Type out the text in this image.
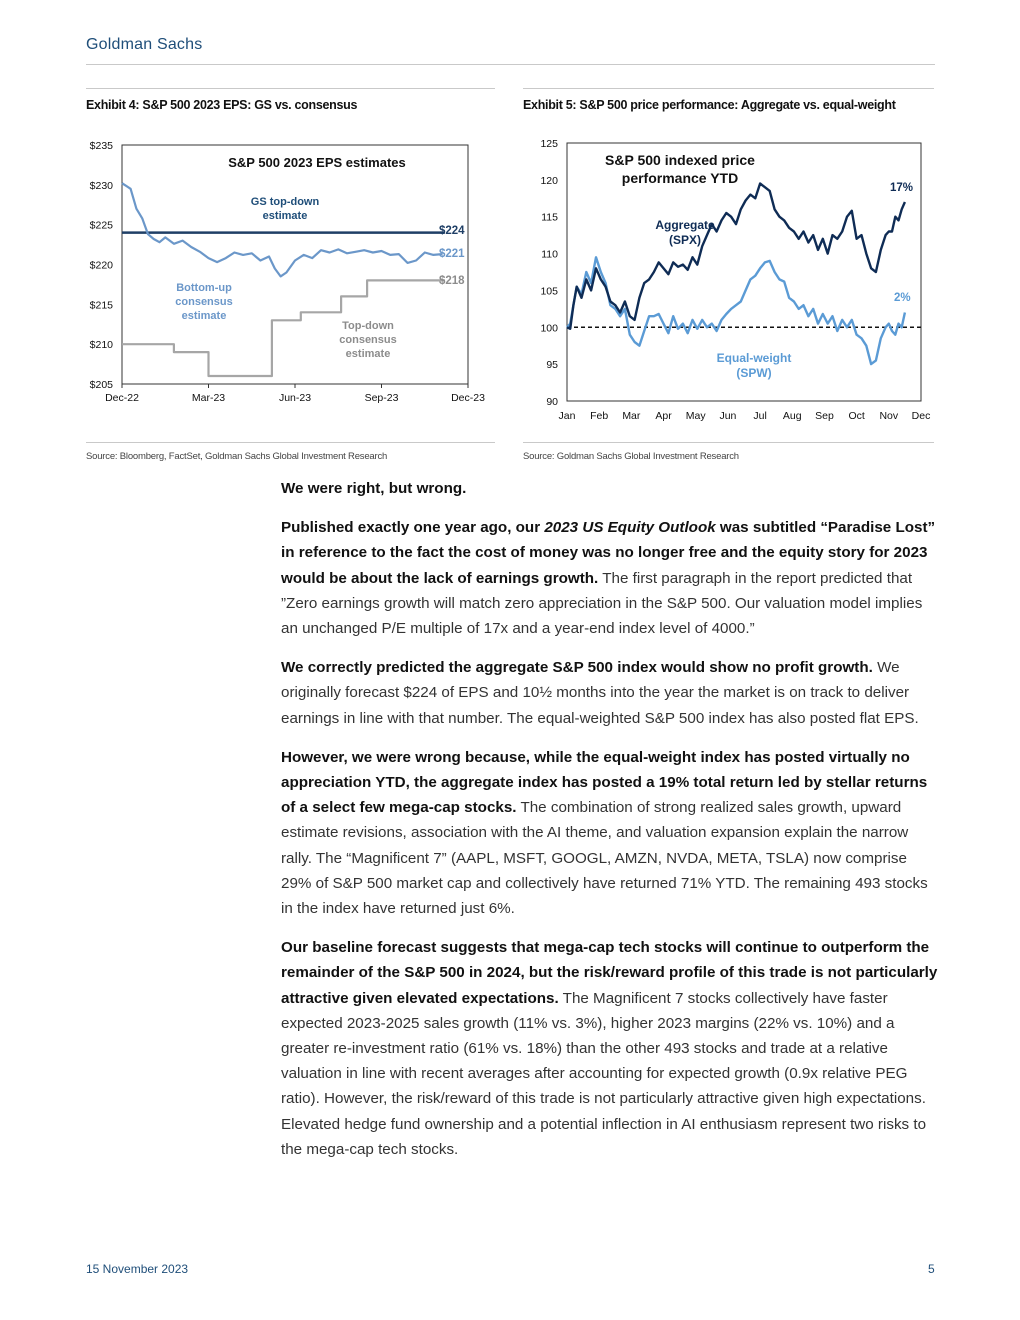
Goldman Sachs
Exhibit 4: S&P 500 2023 EPS: GS vs. consensus
$235
$230
$225
$220
$215
$210
$205
Dec-22	Mar-23	Jun-23	Sep-23	Dec-23
$224
$221
$218
S&P 500 2023 EPS estimates
GS top-down
estimate
Bottom-up
consensus
estimate
Top-down
consensus
estimate
Source: Bloomberg, FactSet, Goldman Sachs Global Investment Research
Exhibit 5: S&P 500 price performance: Aggregate vs. equal-weight
125
120
115
110
105
100
95
90
Jan Feb Mar Apr May Jun Jul Aug Sep Oct Nov Dec
17%
2%
S&P 500 indexed price
performance YTD
Aggregate
(SPX)
Equal-weight
(SPW)
Source: Goldman Sachs Global Investment Research

We were right, but wrong.

Published exactly one year ago, our 2023 US Equity Outlook was subtitled “Paradise Lost” in reference to the fact the cost of money was no longer free and the equity story for 2023 would be about the lack of earnings growth. The first paragraph in the report predicted that ”Zero earnings growth will match zero appreciation in the S&P 500. Our valuation model implies an unchanged P/E multiple of 17x and a year-end index level of 4000.”

We correctly predicted the aggregate S&P 500 index would show no profit growth. We originally forecast $224 of EPS and 10½ months into the year the market is on track to deliver earnings in line with that number. The equal-weighted S&P 500 index has also posted flat EPS.

However, we were wrong because, while the equal-weight index has posted virtually no appreciation YTD, the aggregate index has posted a 19% total return led by stellar returns of a select few mega-cap stocks. The combination of strong realized sales growth, upward estimate revisions, association with the AI theme, and valuation expansion explain the narrow rally. The “Magnificent 7” (AAPL, MSFT, GOOGL, AMZN, NVDA, META, TSLA) now comprise 29% of S&P 500 market cap and collectively have returned 71% YTD. The remaining 493 stocks in the index have returned just 6%.

Our baseline forecast suggests that mega-cap tech stocks will continue to outperform the remainder of the S&P 500 in 2024, but the risk/reward profile of this trade is not particularly attractive given elevated expectations. The Magnificent 7 stocks collectively have faster expected 2023-2025 sales growth (11% vs. 3%), higher 2023 margins (22% vs. 10%) and a greater re-investment ratio (61% vs. 18%) than the other 493 stocks and trade at a relative valuation in line with recent averages after accounting for expected growth (0.9x relative PEG ratio). However, the risk/reward of this trade is not particularly attractive given high expectations. Elevated hedge fund ownership and a potential inflection in AI enthusiasm represent two risks to the mega-cap tech stocks.

15 November 2023	5
